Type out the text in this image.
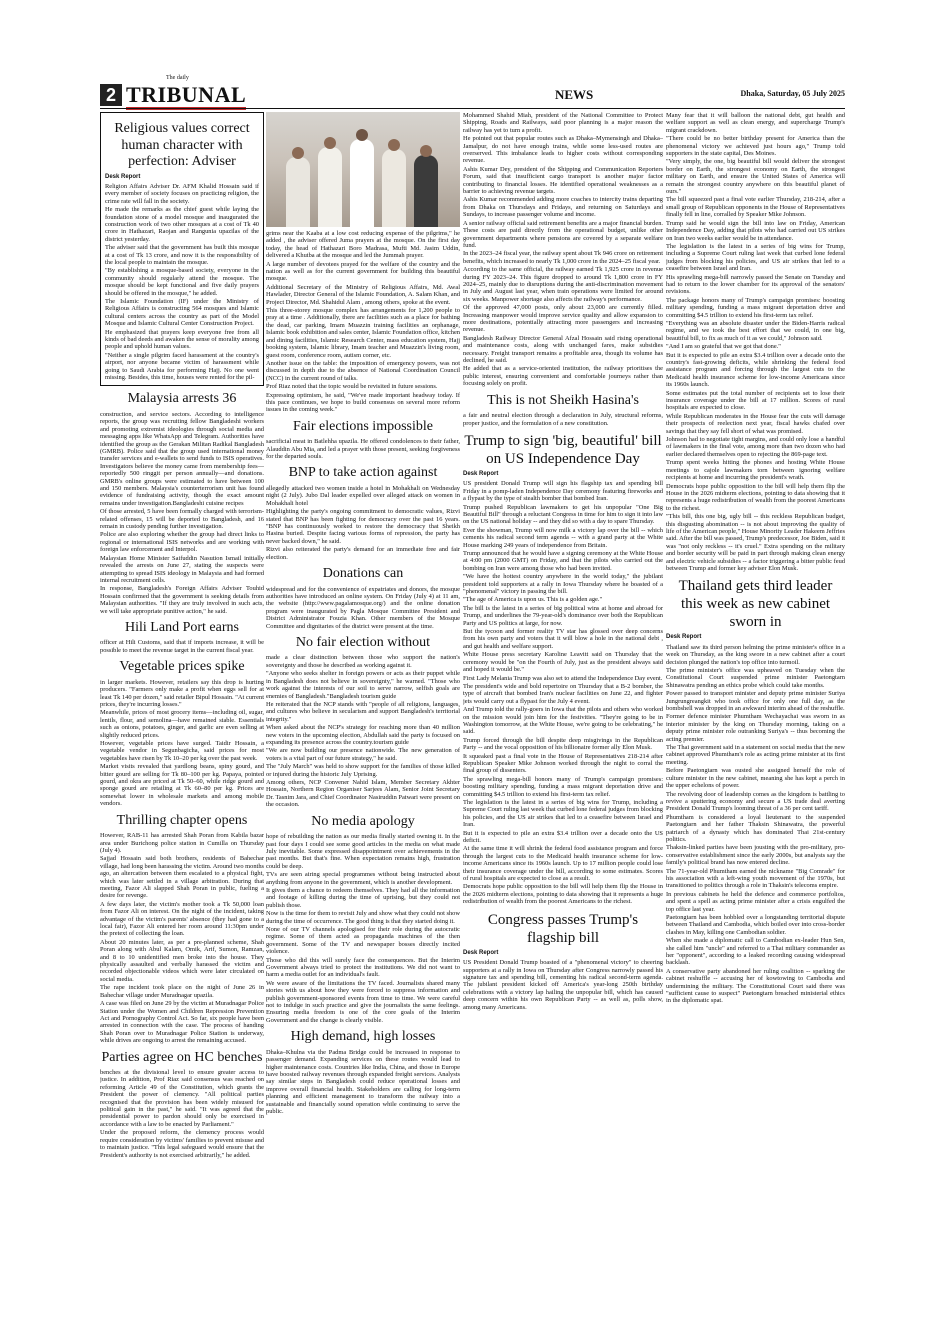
2
The daily
TRIBUNAL	NEWS	Dhaka, Saturday, 05 July 2025
Religious values correct human character with perfection: Adviser
Desk Report

Religion Affairs Adviser Dr. AFM Khalid Hossain said if every member of society focuses on practicing religion, the crime rate will fall in the society.

He made the remarks as the chief guest while laying the foundation stone of a model mosque and inaugurated the construction work of two other mosques at a cost of Tk 40 crore in Hathazari, Raojan and Rangunia upazilas of the district yesterday.

The adviser said that the government has built this mosque at a cost of Tk 13 crore, and now it is the responsibility of the local people to maintain the mosque.

"By establishing a mosque-based society, everyone in the community should regularly attend the mosque. The mosque should be kept functional and five daily prayers should be offered in the mosque," he added.

The Islamic Foundation (IF) under the Ministry of Religious Affairs is constructing 564 mosques and Islamic cultural centers across the country as part of the Model Mosque and Islamic Cultural Center Construction Project.

He emphasized that prayers keep everyone free from all kinds of bad deeds and awaken the sense of morality among people and uphold human values.

"Neither a single pilgrim faced harassment at the country's airport, nor anyone became victim of harassment while going to Saudi Arabia for performing Hajj. No one went missing. Besides, this time, houses were rented for the pil-

Malaysia arrests 36

construction, and service sectors. According to intelligence reports, the group was recruiting fellow Bangladeshi workers and promoting extremist ideologies through social media and messaging apps like WhatsApp and Telegram. Authorities have identified the group as the Gerakan Militan Radikal Bangladesh (GMRB). Police said that the group used international money transfer services and e-wallets to send funds to ISIS operatives. Investigators believe the money came from membership fees—reportedly 500 ringgit per person annually—and donations. GMRB's online groups were estimated to have between 100 and 150 members. Malaysia's counterterrorism unit has found evidence of fundraising activity, though the exact amount remains under investigation.Bangladeshi cuisine recipes

Of those arrested, 5 have been formally charged with terrorism-related offenses, 15 will be deported to Bangladesh, and 16 remain in custody pending further investigation.

Police are also exploring whether the group had direct links to regional or international ISIS networks and are working with foreign law enforcement and Interpol.

Malaysian Home Minister Saifuddin Nasution Ismail initially revealed the arrests on June 27, stating the suspects were attempting to spread ISIS ideology in Malaysia and had formed internal recruitment cells.

In response, Bangladesh's Foreign Affairs Adviser Touhid Hossain confirmed that the government is seeking details from Malaysian authorities. "If they are truly involved in such acts, we will take appropriate punitive action," he said.

Hili Land Port earns

officer at Hili Customs, said that if imports increase, it will be possible to meet the revenue target in the current fiscal year.

Vegetable prices spike

in larger markets. However, retailers say this drop is hurting producers. "Farmers only make a profit when eggs sell for at least Tk 140 per dozen," said retailer Bipul Hossain. "At current prices, they're incurring losses."

Meanwhile, prices of most grocery items—including oil, sugar, lentils, flour, and semolina—have remained stable. Essentials such as onions, potatoes, ginger, and garlic are even selling at slightly reduced prices.

However, vegetable prices have surged. Taidir Hossain, a vegetable vendor in Segunbagicha, said prices for most vegetables have risen by Tk 10–20 per kg over the past week.

Market visits revealed that yardlong beans, spiny gourd, and bitter gourd are selling for Tk 80–100 per kg. Papaya, pointed gourd, and okra are priced at Tk 50–60, while ridge gourd and sponge gourd are retailing at Tk 60–80 per kg. Prices are somewhat lower in wholesale markets and among mobile vendors.

Thrilling chapter opens

However, RAB-11 has arrested Shah Poran from Kabila bazar area under Burichong police station in Cumilla on Thursday (July 4).

Sajjad Hossain said both brothers, residents of Bahechar village, had long been harassing the victim. Around two months ago, an altercation between them escalated to a physical fight, which was later settled in a village arbitration. During that meeting, Fazor Ali slapped Shah Poran in public, fueling a desire for revenge.

A few days later, the victim's mother took a Tk 50,000 loan from Fazor Ali on interest. On the night of the incident, taking advantage of the victim's parents' absence (they had gone to a local fair), Fazor Ali entered her room around 11:30pm under the pretext of collecting the loan.

About 20 minutes later, as per a pre-planned scheme, Shah Poran along with Abul Kalam, Omik, Arif, Sumon, Ramzan, and 8 to 10 unidentified men broke into the house. They physically assaulted and verbally harassed the victim and recorded objectionable videos which were later circulated on social media.

The rape incident took place on the night of June 26 in Bahechar village under Muradnagar upazila.

A case was filed on June 29 by the victim at Muradnagar Police Station under the Women and Children Repression Prevention Act and Pornography Control Act. So far, six people have been arrested in connection with the case. The process of handing Shah Poran over to Muradnagar Police Station is underway, while drives are ongoing to arrest the remaining accused.

Parties agree on HC benches

benches at the divisional level to ensure greater access to justice. In addition, Prof Riaz said consensus was reached on reforming Article 49 of the Constitution, which grants the President the power of clemency. "All political parties recognised that the provision has been widely misused for political gain in the past," he said. "It was agreed that the presidential power to pardon should only be exercised in accordance with a law to be enacted by Parliament."

Under the proposed reform, the clemency process would require consideration by victims' families to prevent misuse and to maintain justice. "This legal safeguard would ensure that the President's authority is not exercised arbitrarily," he added.

grims near the Kaaba at a low cost reducing expense of the pilgrims," he added , the adviser offered Juma prayers at the mosque. On the first day today, the head of Hathazari Boro Madrasa, Mufti Md. Jasim Uddin, delivered a Khutba at the mosque and led the Jummah prayer.

A large number of devotees prayed for the welfare of the country and the nation as well as for the current government for building this beautiful mosque.

Additional Secretary of the Ministry of Religious Affairs, Md. Awal Hawlader, Director General of the Islamic Foundation, A. Salam Khan, and Project Director, Md. Shahidul Alam , among others, spoke at the event.

This three-storey mosque complex has arrangements for 1,200 people to pray at a time . Additionally, there are facilities such as a place for bathing the dead, car parking, Imam Muazzin training facilities an orphanage, Islamic book exhibition and sales center, Islamic Foundation office, kitchen and dining facilities, Islamic Research Center, mass education system, Hajj booking system, Islamic library, Imam teacher and Muazzin's living room, guest room, conference room, autism corner, etc.

Another issue on the table: the imposition of emergency powers, was not discussed in depth due to the absence of National Coordination Council (NCC) in the current round of talks.

Prof Riaz noted that the topic would be revisited in future sessions.

Expressing optimism, he said, "We've made important headway today. If this pace continues, we hope to build consensus on several more reform issues in the coming week."

Fair elections impossible

sacrificial meat in Batlehha upazila. He offered condolences to their father, Alauddin Abu Mia, and led a prayer with those present, seeking forgiveness for the departed souls.

BNP to take action against

allegedly attacked two women inside a hotel in Mohakhali on Wednesday night (2 July). Jubo Dal leader expelled over alleged attack on women in Mohakhali hotel

Highlighting the party's ongoing commitment to democratic values, Rizvi stated that BNP has been fighting for democracy over the past 16 years. "BNP has continuously worked to restore the democracy that Sheikh Hasina buried. Despite facing various forms of repression, the party has never backed down," he said.

Rizvi also reiterated the party's demand for an immediate free and fair election.

Donations can

widespread and for the convenience of expatriates and donors, the mosque authorities have introduced an online system. On Friday (July 4) at 11 am, the website (http://www.pagalamosque.org/) and the online donation program were inaugurated by Pagla Mosque Committee President and District Administrator Fouzia Khan. Other members of the Mosque Committee and dignitaries of the district were present at the time.

No fair election without

made a clear distinction between those who support the nation's sovereignty and those he described as working against it.

"Anyone who seeks shelter in foreign powers or acts as their puppet while in Bangladesh does not believe in sovereignty," he warned. "Those who work against the interests of our soil to serve narrow, selfish goals are enemies of Bangladesh."Bangladesh tourism guide

He reiterated that the NCP stands with "people of all religions, languages, and cultures who believe in secularism and support Bangladesh's territorial integrity."

When asked about the NCP's strategy for reaching more than 40 million new voters in the upcoming election, Abdullah said the party is focused on expanding its presence across the country.tourism guide

"We are now building our presence nationwide. The new generation of voters is a vital part of our future strategy," he said.

The "July March" was held to show support for the families of those killed or injured during the historic July Uprising.

Among others, NCP Convener Nahid Islam, Member Secretary Akhter Hossain, Northern Region Organiser Sarjees Alam, Senior Joint Secretary Dr. Tasnim Jara, and Chief Coordinator Nasiruddin Patwari were present on the occasion.

No media apology

hope of rebuilding the nation as our media finally started owning it. In the past four days I could see some good articles in the media on what made July inevitable. Some expressed disappointment over achievements in the past months. But that's fine. When expectation remains high, frustration could be deep.

TVs are seen airing special programmes without being instructed about anything from anyone in the government, which is another development.

It gives them a chance to redeem themselves. They had all the information and footage of killing during the time of uprising, but they could not publish those.

Now is the time for them to revisit July and show what they could not show during the time of occurrence. The good thing is that they started doing it.

None of our TV channels apologised for their role during the autocratic regime. Some of them acted as propaganda machines of the then government. Some of the TV and newspaper bosses directly incited violence.

Those who did this will surely face the consequences. But the Interim Government always tried to protect the institutions. We did not want to harm a media outlet for an individual's fault.

We were aware of the limitations the TV faced. Journalists shared many stories with us about how they were forced to suppress information and publish government-sponsored events from time to time. We were careful not to indulge in such practice and give the journalists the same feelings. Ensuring media freedom is one of the core goals of the Interim Government and the change is clearly visible.

High demand, high losses

Dhaka–Khulna via the Padma Bridge could be increased in response to passenger demand. Expanding services on these routes would lead to higher maintenance costs. Countries like India, China, and those in Europe have boosted railway revenues through expanded freight services. Analysts say similar steps in Bangladesh could reduce operational losses and improve overall financial health. Stakeholders are calling for long-term planning and efficient management to transform the railway into a sustainable and financially sound operation while continuing to serve the public.

Mohammed Shahid Miah, president of the National Committee to Protect Shipping, Roads and Railways, said poor planning is a major reason the railway has yet to turn a profit.

He pointed out that popular routes such as Dhaka–Mymensingh and Dhaka–Jamalpur, do not have enough trains, while some less-used routes are overserved. This imbalance leads to higher costs without corresponding revenue.

Ashis Kumar Dey, president of the Shipping and Communication Reporters Forum, said that insufficient cargo transport is another major factor contributing to financial losses. He identified operational weaknesses as a barrier to achieving revenue targets.

Ashis Kumar recommended adding more coaches to intercity trains departing from Dhaka on Thursdays and Fridays, and returning on Saturdays and Sundays, to increase passenger volume and income.

A senior railway official said retirement benefits are a major financial burden. These costs are paid directly from the operational budget, unlike other government departments where pensions are covered by a separate welfare fund.

In the 2023–24 fiscal year, the railway spent about Tk 946 crore on retirement benefits, which increased to nearly Tk 1,000 crore in the 2024–25 fiscal year.

According to the same official, the railway earned Tk 1,925 crore in revenue during FY 2023–24. This figure dropped to around Tk 1,800 crore in FY 2024–25, mainly due to disruptions during the anti-discrimination movement in July and August last year, when train operations were limited for around six weeks. Manpower shortage also affects the railway's performance.

Of the approved 47,000 posts, only about 23,000 are currently filled. Increasing manpower would improve service quality and allow expansion to more destinations, potentially attracting more passengers and increasing revenue.

Bangladesh Railway Director General Afzal Hossain said rising operational and maintenance costs, along with unchanged fares, make subsidies necessary. Freight transport remains a profitable area, though its volume has declined, he said.

He added that as a service-oriented institution, the railway prioritises the public interest, ensuring convenient and comfortable journeys rather than focusing solely on profit.

This is not Sheikh Hasina's

a fair and neutral election through a declaration in July, structural reforms, proper justice, and the formulation of a new constitution.

Trump to sign 'big, beautiful' bill on US Independence Day
Desk Report

US president Donald Trump will sign his flagship tax and spending bill Friday in a pomp-laden Independence Day ceremony featuring fireworks and a flypast by the type of stealth bomber that bombed Iran.

Trump pushed Republican lawmakers to get his unpopular "One Big Beautiful Bill" through a reluctant Congress in time for him to sign it into law on the US national holiday -- and they did so with a day to spare Thursday.

Ever the showman, Trump will now milk a victory lap over the bill -- which cements his radical second term agenda -- with a grand party at the White House marking 249 years of independence from Britain.

Trump announced that he would have a signing ceremony at the White House at 4:00 pm (2000 GMT) on Friday, and that the pilots who carried out the bombing on Iran were among those who had been invited.

"We have the hottest country anywhere in the world today," the jubilant president told supporters at a rally in Iowa Thursday where he boasted of a "phenomenal" victory in passing the bill.

"The age of America is upon us. This is a golden age."

The bill is the latest in a series of big political wins at home and abroad for Trump, and underlines the 79-year-old's dominance over both the Republican Party and US politics at large, for now.

But the tycoon and former reality TV star has glossed over deep concerns from his own party and voters that it will blow a hole in the national debt , and gut health and welfare support.

White House press secretary Karoline Leavitt said on Thursday that the ceremony would be "on the Fourth of July, just as the president always said and hoped it would be."

First Lady Melania Trump was also set to attend the Independence Day event.

The president's wide and bold repertoire on Thursday that a B-2 bomber, the type of aircraft that bombed Iran's nuclear facilities on June 22, and fighter jets would carry out a flypast for the July 4 event.

And Trump told the rally-goers in Iowa that the pilots and others who worked on the mission would join him for the festivities. "They're going to be in Washington tomorrow, at the White House, we're going to be celebrating," he said.

Trump forced through the bill despite deep misgivings in the Republican Party -- and the vocal opposition of his billionaire former ally Elon Musk.

It squeaked past a final vote in the House of Representatives 218-214 after Republican Speaker Mike Johnson worked through the night to corral the final group of dissenters.

The sprawling mega-bill honors many of Trump's campaign promises: boosting military spending, funding a mass migrant deportation drive and committing $4.5 trillion to extend his first-term tax relief.

The legislation is the latest in a series of big wins for Trump, including a Supreme Court ruling last week that curbed lone federal judges from blocking his policies, and the US air strikes that led to a ceasefire between Israel and Iran.

But it is expected to pile an extra $3.4 trillion over a decade onto the US deficit.

At the same time it will shrink the federal food assistance program and force through the largest cuts to the Medicaid health insurance scheme for low-income Americans since its 1960s launch. Up to 17 million people could lose their insurance coverage under the bill, according to some estimates. Scores of rural hospitals are expected to close as a result.

Democrats hope public opposition to the bill will help them flip the House in the 2026 midterm elections, pointing to data showing that it represents a huge redistribution of wealth from the poorest Americans to the richest.

Congress passes Trump's flagship bill
Desk Report

US President Donald Trump boasted of a "phenomenal victory" to cheering supporters at a rally in Iowa on Thursday after Congress narrowly passed his signature tax and spending bill, cementing his radical second-term agenda. The jubilant president kicked off America's year-long 250th birthday celebrations with a victory lap hailing the unpopular bill, which has caused deep concern within his own Republican Party -- as well as, polls show, among many Americans.

Many fear that it will balloon the national debt, gut health and welfare support as well as clean energy, and supercharge Trump's migrant crackdown.

"There could be no better birthday present for America than the phenomenal victory we achieved just hours ago," Trump told supporters in the state capital, Des Moines.

"Very simply, the one, big beautiful bill would deliver the strongest border on Earth, the strongest economy on Earth, the strongest military on Earth, and ensure the United States of America will remain the strongest country anywhere on this beautiful planet of ours."

The bill squeezed past a final vote earlier Thursday, 218-214, after a small group of Republican opponents in the House of Representatives finally fell in line, corralled by Speaker Mike Johnson.

Trump said he would sign the bill into law on Friday, American Independence Day, adding that pilots who had carried out US strikes on Iran two weeks earlier would be in attendance.

The legislation is the latest in a series of big wins for Trump, including a Supreme Court ruling last week that curbed lone federal judges from blocking his policies, and US air strikes that led to a ceasefire between Israel and Iran.

His sprawling mega-bill narrowly passed the Senate on Tuesday and had to return to the lower chamber for its approval of the senators' revisions.

The package honors many of Trump's campaign promises: boosting military spending, funding a mass migrant deportation drive and committing $4.5 trillion to extend his first-term tax relief.

"Everything was an absolute disaster under the Biden-Harris radical regime, and we took the best effort that we could, in one big, beautiful bill, to fix as much of it as we could," Johnson said.

"And I am so grateful that we got that done."

But it is expected to pile an extra $3.4 trillion over a decade onto the country's fast-growing deficits, while shrinking the federal food assistance program and forcing through the largest cuts to the Medicaid health insurance scheme for low-income Americans since its 1960s launch.

Some estimates put the total number of recipients set to lose their insurance coverage under the bill at 17 million. Scores of rural hospitals are expected to close.

While Republican moderates in the House fear the cuts will damage their prospects of reelection next year, fiscal hawks chafed over savings that they say fell short of what was promised.

Johnson had to negotiate tight margins, and could only lose a handful of lawmakers in the final vote, among more than two dozen who had earlier declared themselves open to rejecting the 869-page text.

Trump spent weeks hitting the phones and hosting White House meetings to cajole lawmakers torn between ignoring welfare recipients at home and incurring the president's wrath.

Democrats hope public opposition to the bill will help them flip the House in the 2026 midterm elections, pointing to data showing that it represents a huge redistribution of wealth from the poorest Americans to the richest.

"This bill, this one big, ugly bill -- this reckless Republican budget, this disgusting abomination -- is not about improving the quality of life of the American people," House Minority Leader Hakeem Jeffries said. After the bill was passed, Trump's predecessor, Joe Biden, said it was "not only reckless -- it's cruel." Extra spending on the military and border security will be paid in part through making clean energy and electric vehicle subsidies -- a factor triggering a bitter public feud between Trump and former key adviser Elon Musk.

Thailand gets third leader this week as new cabinet sworn in
Desk Report

Thailand saw its third person helming the prime minister's office in a week on Thursday, as the king swore in a new cabinet after a court decision plunged the nation's top office into turmoil.

The prime minister's office was upheaved on Tuesday when the Constitutional Court suspended prime minister Paetongtarn Shinawatra pending an ethics probe which could take months.

Power passed to transport minister and deputy prime minister Suriya Jungrungreangkit who took office for only one full day, as the bombshell was dropped in an awkward interim ahead of the reshuffle.

Former defence minister Phumtham Wechayachai was sworn in as interior minister by the king on Thursday morning, taking on a deputy prime minister role outranking Suriya's -- thus becoming the acting premier.

The Thai government said in a statement on social media that the new cabinet approved Phumtham's role as acting prime minister at its first meeting.

Before Paetongtarn was ousted she assigned herself the role of culture minister in the new cabinet, meaning she has kept a perch in the upper echelons of power.

The revolving door of leadership comes as the kingdom is battling to revive a sputtering economy and secure a US trade deal averting President Donald Trump's looming threat of a 36 per cent tariff.

Phumtham is considered a loyal lieutenant to the suspended Paetongtarn and her father Thaksin Shinawatra, the powerful patriarch of a dynasty which has dominated Thai 21st-century politics.

Thaksin-linked parties have been jousting with the pro-military, pro-conservative establishment since the early 2000s, but analysts say the family's political brand has now entered decline.

The 71-year-old Phumtham earned the nickname "Big Comrade" for his association with a left-wing youth movement of the 1970s, but transitioned to politics through a role in Thaksin's telecoms empire.

In previous cabinets he held the defence and commerce portfolios, and spent a spell as acting prime minister after a crisis engulfed the top office last year.

Paetongtarn has been hobbled over a longstanding territorial dispute between Thailand and Cambodia, which boiled over into cross-border clashes in May, killing one Cambodian soldier.

When she made a diplomatic call to Cambodian ex-leader Hun Sen, she called him "uncle" and referred to a Thai military commander as her "opponent", according to a leaked recording causing widespread backlash.

A conservative party abandoned her ruling coalition -- sparking the cabinet reshuffle -- accusing her of kowtowing to Cambodia and undermining the military. The Constitutional Court said there was "sufficient cause to suspect" Paetongtarn breached ministerial ethics in the diplomatic spat.
